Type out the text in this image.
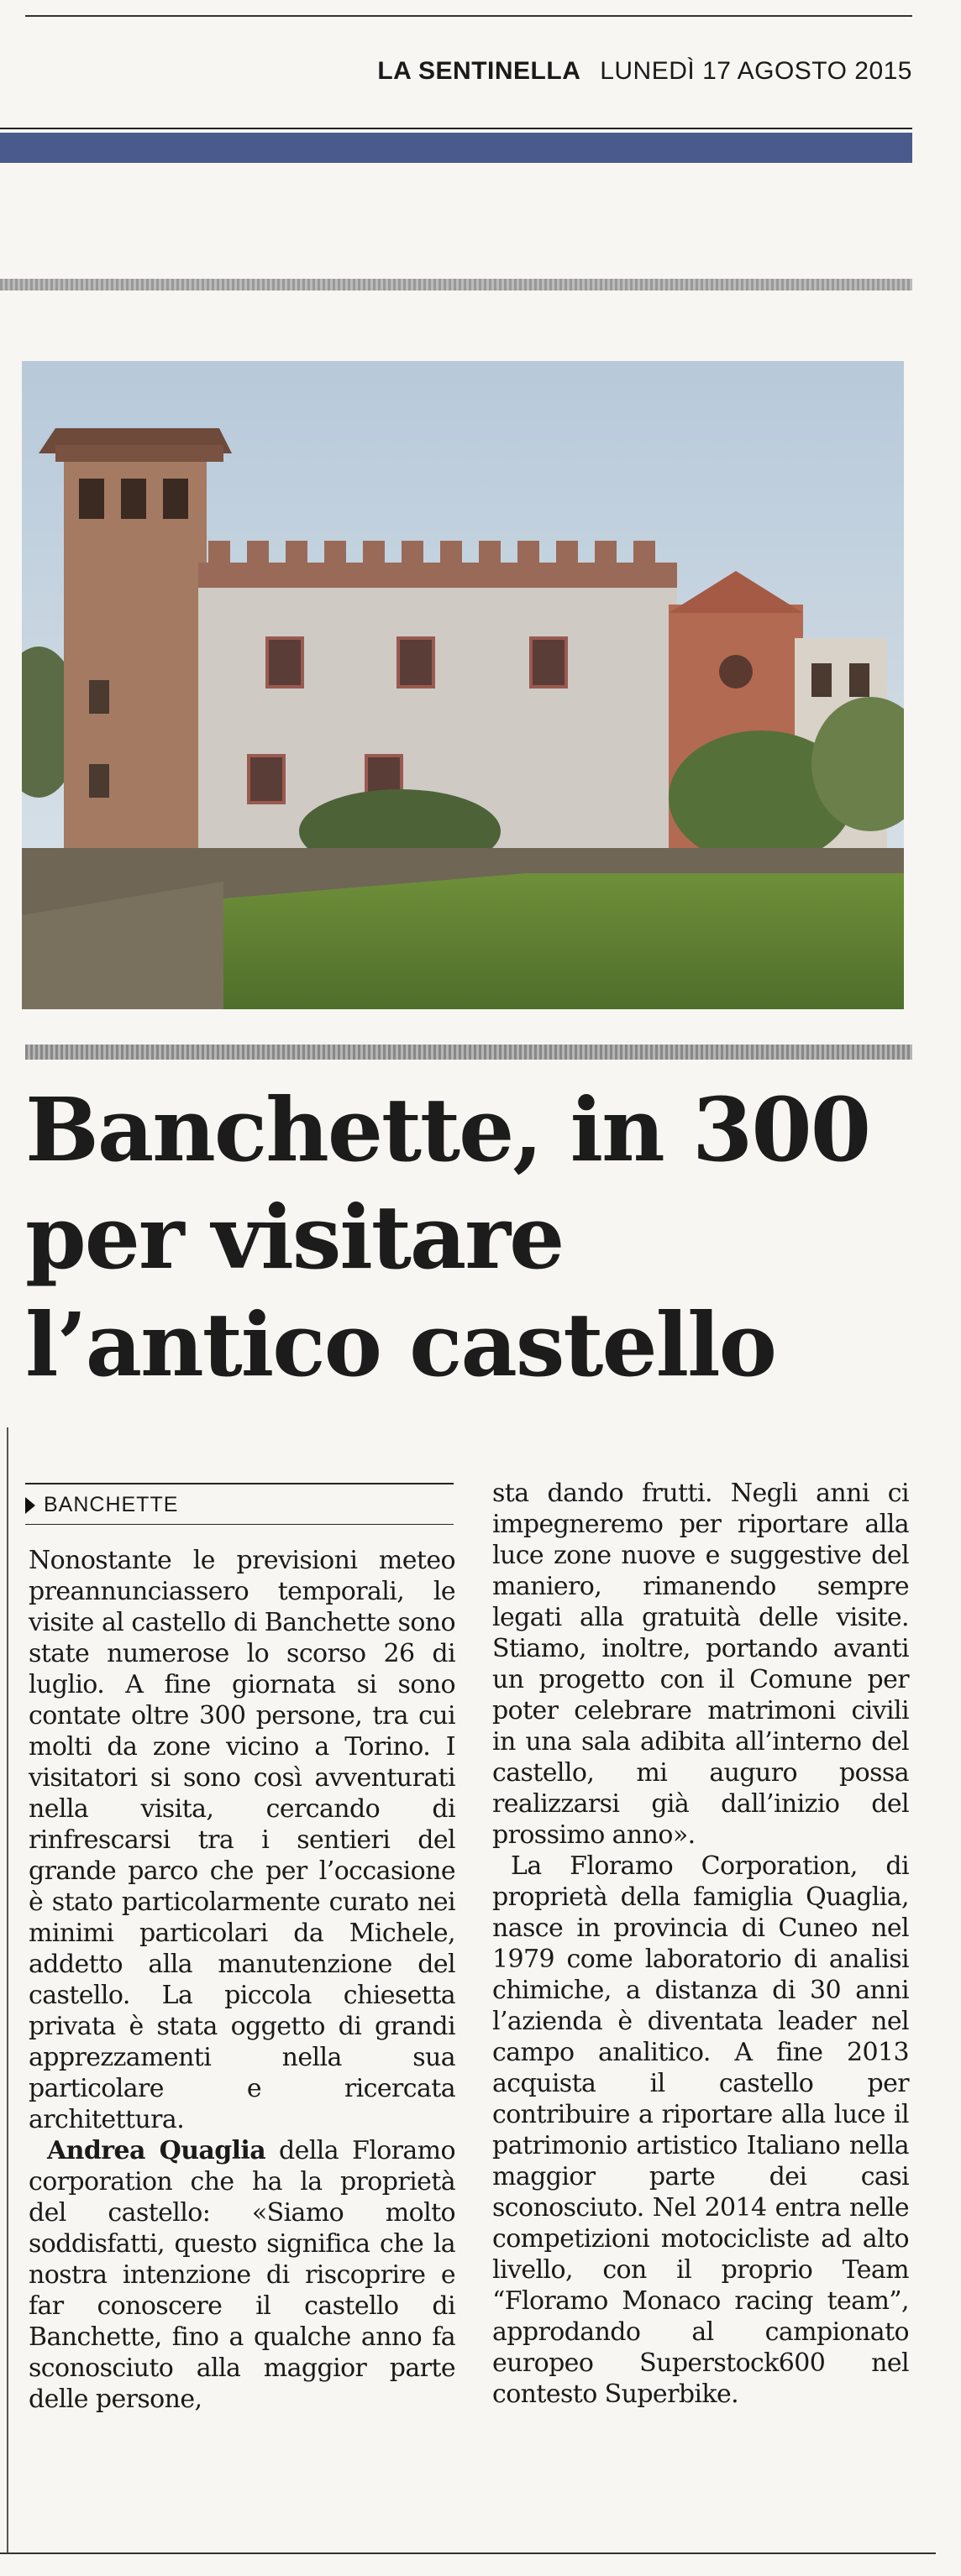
LA SENTINELLA LUNEDÌ 17 AGOSTO 2015
Banchette, in 300
per visitare
l’antico castello
BANCHETTE

Nonostante le previsioni meteo preannunciassero temporali, le visite al castello di Banchette sono state numerose lo scorso 26 di luglio. A fine giornata si sono contate oltre 300 persone, tra cui molti da zone vicino a Torino. I visitatori si sono così avventurati nella visita, cercando di rinfrescarsi tra i sentieri del grande parco che per l’occasione è stato particolarmente curato nei minimi particolari da Michele, addetto alla manutenzione del castello. La piccola chiesetta privata è stata oggetto di grandi apprezzamenti nella sua particolare e ricercata architettura.

Andrea Quaglia della Floramo corporation che ha la proprietà del castello: «Siamo molto soddisfatti, questo significa che la nostra intenzione di riscoprire e far conoscere il castello di Banchette, fino a qualche anno fa sconosciuto alla maggior parte delle persone,

sta dando frutti. Negli anni ci impegneremo per riportare alla luce zone nuove e suggestive del maniero, rimanendo sempre legati alla gratuità delle visite. Stiamo, inoltre, portando avanti un progetto con il Comune per poter celebrare matrimoni civili in una sala adibita all’interno del castello, mi auguro possa realizzarsi già dall’inizio del prossimo anno».

La Floramo Corporation, di proprietà della famiglia Quaglia, nasce in provincia di Cuneo nel 1979 come laboratorio di analisi chimiche, a distanza di 30 anni l’azienda è diventata leader nel campo analitico. A fine 2013 acquista il castello per contribuire a riportare alla luce il patrimonio artistico Italiano nella maggior parte dei casi sconosciuto. Nel 2014 entra nelle competizioni motocicliste ad alto livello, con il proprio Team “Floramo Monaco racing team”, approdando al campionato europeo Superstock600 nel contesto Superbike.
